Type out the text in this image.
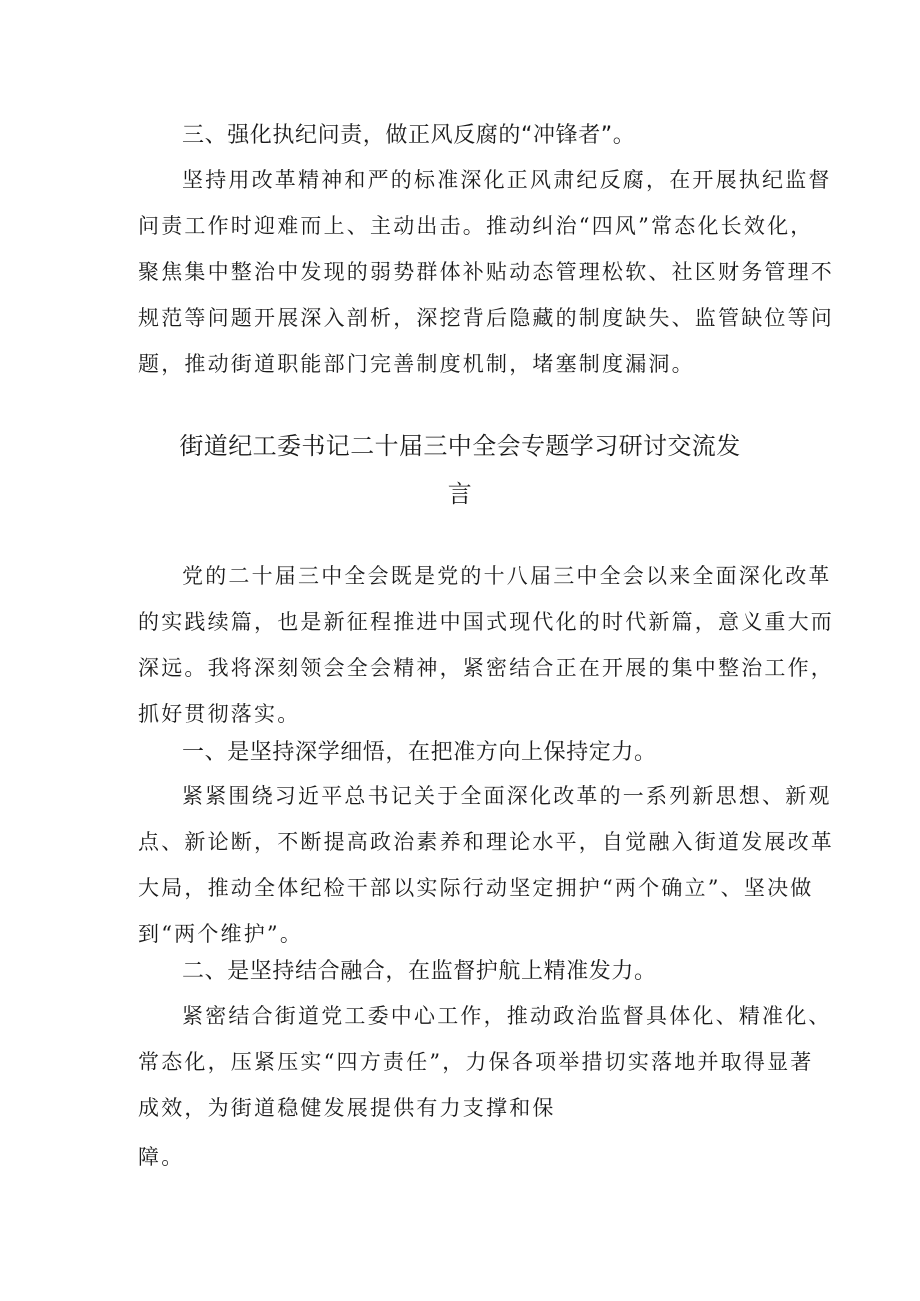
三、强化执纪问责，做正风反腐的“冲锋者”。
坚持用改革精神和严的标准深化正风肃纪反腐，在开展执纪监督
问责工作时迎难而上、主动出击。推动纠治“四风”常态化长效化，
聚焦集中整治中发现的弱势群体补贴动态管理松软、社区财务管理不
规范等问题开展深入剖析，深挖背后隐藏的制度缺失、监管缺位等问
题，推动街道职能部门完善制度机制，堵塞制度漏洞。
街道纪工委书记二十届三中全会专题学习研讨交流发
言
党的二十届三中全会既是党的十八届三中全会以来全面深化改革
的实践续篇，也是新征程推进中国式现代化的时代新篇，意义重大而
深远。我将深刻领会全会精神，紧密结合正在开展的集中整治工作，
抓好贯彻落实。
一、是坚持深学细悟，在把准方向上保持定力。
紧紧围绕习近平总书记关于全面深化改革的一系列新思想、新观
点、新论断，不断提高政治素养和理论水平，自觉融入街道发展改革
大局，推动全体纪检干部以实际行动坚定拥护“两个确立”、坚决做
到“两个维护”。
二、是坚持结合融合，在监督护航上精准发力。
紧密结合街道党工委中心工作，推动政治监督具体化、精准化、
常态化，压紧压实“四方责任”，力保各项举措切实落地并取得显著
成效，为街道稳健发展提供有力支撑和保
障。
